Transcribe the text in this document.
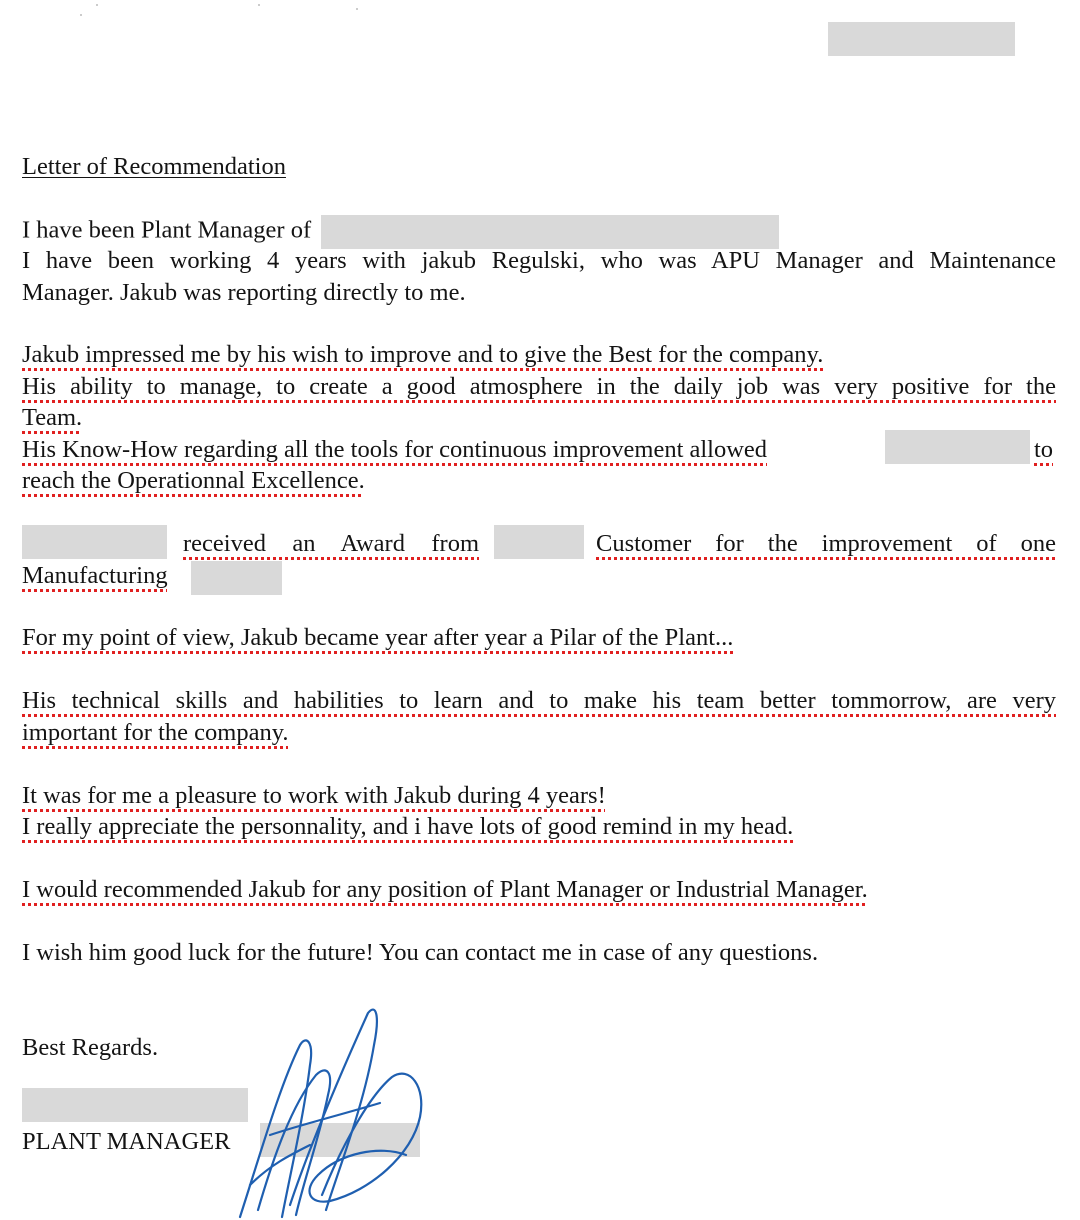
Letter of Recommendation

I have been Plant Manager of

I have been working 4 years with jakub Regulski, who was APU Manager and Maintenance

Manager. Jakub was reporting directly to me.

Jakub impressed me by his wish to improve and to give the Best for the company.

His ability to manage, to create a good atmosphere in the daily job was very positive for the

Team.

His Know-How regarding all the tools for continuous improvement allowed	to

reach the Operationnal Excellence.

received an Award from	Customer for the improvement of one

Manufacturing

For my point of view, Jakub became year after year a Pilar of the Plant...

His technical skills and habilities to learn and to make his team better tommorrow, are very

important for the company.

It was for me a pleasure to work with Jakub during 4 years!

I really appreciate the personnality, and i have lots of good remind in my head.

I would recommended Jakub for any position of Plant Manager or Industrial Manager.

I wish him good luck for the future! You can contact me in case of any questions.

Best Regards.

PLANT MANAGER
